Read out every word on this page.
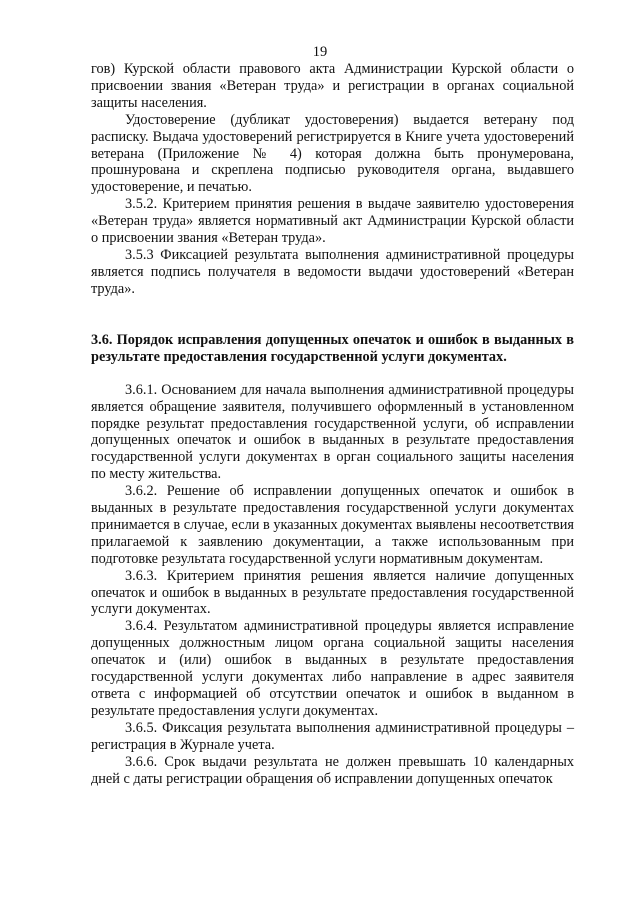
19

гов) Курской области правового акта Администрации Курской области о присвоении звания «Ветеран труда» и регистрации в органах социальной защиты населения.

Удостоверение (дубликат удостоверения) выдается ветерану под расписку. Выдача удостоверений регистрируется в Книге учета удостоверений ветерана (Приложение № 4) которая должна быть пронумерована, прошнурована и скреплена подписью руководителя органа, выдавшего удостоверение, и печатью.

3.5.2. Критерием принятия решения в выдаче заявителю удостоверения «Ветеран труда» является нормативный акт Администрации Курской области о присвоении звания «Ветеран труда».

3.5.3 Фиксацией результата выполнения административной процедуры является подпись получателя в ведомости выдачи удостоверений «Ветеран труда».

3.6. Порядок исправления допущенных опечаток и ошибок в выданных в результате предоставления государственной услуги документах.

3.6.1. Основанием для начала выполнения административной процедуры является обращение заявителя, получившего оформленный в установленном порядке результат предоставления государственной услуги, об исправлении допущенных опечаток и ошибок в выданных в результате предоставления государственной услуги документах в орган социального защиты населения по месту жительства.

3.6.2. Решение об исправлении допущенных опечаток и ошибок в выданных в результате предоставления государственной услуги документах принимается в случае, если в указанных документах выявлены несоответствия прилагаемой к заявлению документации, а также использованным при подготовке результата государственной услуги нормативным документам.

3.6.3. Критерием принятия решения является наличие допущенных опечаток и ошибок в выданных в результате предоставления государственной услуги документах.

3.6.4. Результатом административной процедуры является исправление допущенных должностным лицом органа социальной защиты населения опечаток и (или) ошибок в выданных в результате предоставления государственной услуги документах либо направление в адрес заявителя ответа с информацией об отсутствии опечаток и ошибок в выданном в результате предоставления услуги документах.

3.6.5. Фиксация результата выполнения административной процедуры – регистрация в Журнале учета.

3.6.6. Срок выдачи результата не должен превышать 10 календарных дней с даты регистрации обращения об исправлении допущенных опечаток
